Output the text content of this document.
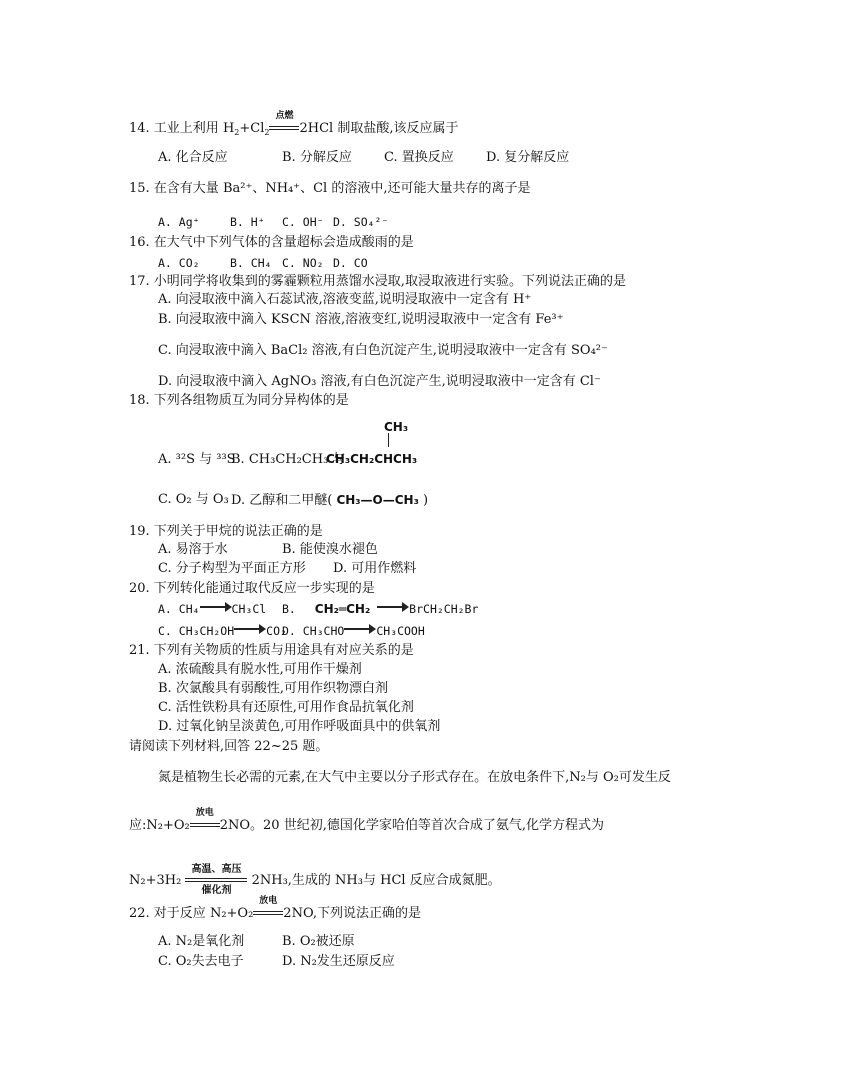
14. 工业上利用 $H_2+Cl_2$
点燃
2HCl 制取盐酸,该反应属于
A. 化合反应	B. 分解反应 C. 置换反应 D. 复分解反应
15. 在含有大量 Ba²⁺、NH₄⁺、Cl 的溶液中,还可能大量共存的离子是
A. Ag⁺	B. H⁺ C. OH⁻ D. SO₄²⁻
16. 在大气中下列气体的含量超标会造成酸雨的是
A. CO₂	B. CH₄ C. NO₂ D. CO
17. 小明同学将收集到的雾霾颗粒用蒸馏水浸取,取浸取液进行实验。下列说法正确的是
A. 向浸取液中滴入石蕊试液,溶液变蓝,说明浸取液中一定含有 H⁺
B. 向浸取液中滴入 KSCN 溶液,溶液变红,说明浸取液中一定含有 Fe³⁺
C. 向浸取液中滴入 BaCl₂ 溶液,有白色沉淀产生,说明浸取液中一定含有 SO₄²⁻
D. 向浸取液中滴入 AgNO₃ 溶液,有白色沉淀产生,说明浸取液中一定含有 Cl⁻
18. 下列各组物质互为同分异构体的是
A. ³²S 与 ³³S
B. CH₃CH₂CH₃ 与
CH₃
CH₃CH₂CHCH₃
C. O₂ 与 O₃ D. 乙醇和二甲醚( CH₃—O—CH₃ )
19. 下列关于甲烷的说法正确的是
A. 易溶于水	B. 能使溴水褪色
C. 分子构型为平面正方形 D. 可用作燃料
20. 下列转化能通过取代反应一步实现的是
A. CH₄	CH₃Cl B. CH₂═CH₂	BrCH₂CH₂Br
C. CH₃CH₂OH	CO₂
D. CH₃CHO	CH₃COOH
21. 下列有关物质的性质与用途具有对应关系的是
A. 浓硫酸具有脱水性,可用作干燥剂
B. 次氯酸具有弱酸性,可用作织物漂白剂
C. 活性铁粉具有还原性,可用作食品抗氧化剂
D. 过氧化钠呈淡黄色,可用作呼吸面具中的供氧剂
请阅读下列材料,回答 22~25 题。
氮是植物生长必需的元素,在大气中主要以分子形式存在。在放电条件下,N₂与 O₂可发生反
应:N₂+O₂
放电
2NO。20 世纪初,德国化学家哈伯等首次合成了氨气,化学方程式为
N₂+3H₂
高温、高压
催化剂
2NH₃,生成的 NH₃与 HCl 反应合成氮肥。
22. 对于反应 N₂+O₂
放电
2NO,下列说法正确的是
A. N₂是氧化剂	B. O₂被还原
C. O₂失去电子	D. N₂发生还原反应
